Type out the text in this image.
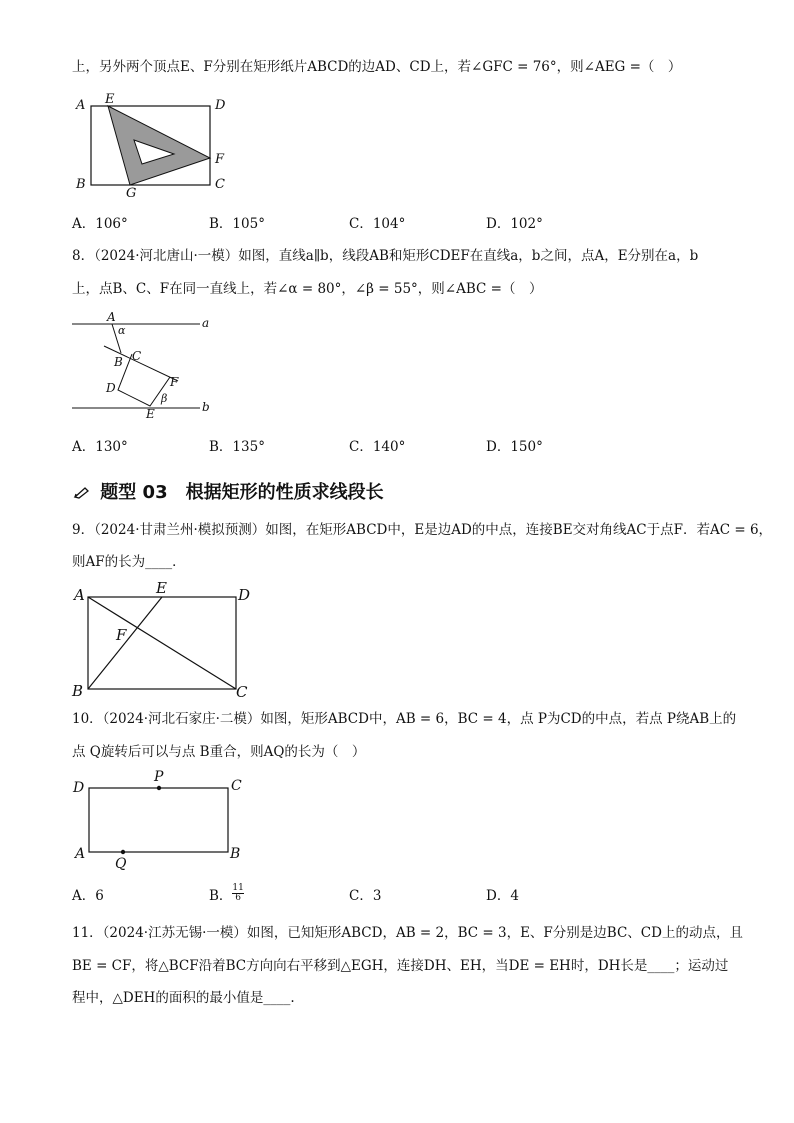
上，另外两个顶点E、F分别在矩形纸片ABCD的边AD、CD上，若∠GFC = 76°，则∠AEG =（　）
A E	D
F
B
G
C
A．106°	B．105°	C．104°	D．102°
8．（2024·河北唐山·一模）如图，直线a∥b，线段AB和矩形CDEF在直线a，b之间，点A，E分别在a，b
上，点B、C、F在同一直线上，若∠α = 80°，∠β = 55°，则∠ABC =（　）
A
α
a
B C
D	F
β
E	b
A．130°	B．135°	C．140°	D．150°
题型 03　根据矩形的性质求线段长
9．（2024·甘肃兰州·模拟预测）如图，在矩形ABCD中，E是边AD的中点，连接BE交对角线AC于点F．若AC = 6，
则AF的长为____．
A	E	D
F
B	C
10．（2024·河北石家庄·二模）如图，矩形ABCD中，AB = 6，BC = 4，点 P为CD的中点，若点 P绕AB上的
点 Q旋转后可以与点 B重合，则AQ的长为（　）
D
P
C
A
Q
B
A．6	B． $\frac{11}{6}$	C．3	D．4
11．（2024·江苏无锡·一模）如图，已知矩形ABCD，AB = 2，BC = 3，E、F分别是边BC、CD上的动点，且
BE = CF，将△BCF沿着BC方向向右平移到△EGH，连接DH、EH，当DE = EH时，DH长是____；运动过
程中，△DEH的面积的最小值是____.
